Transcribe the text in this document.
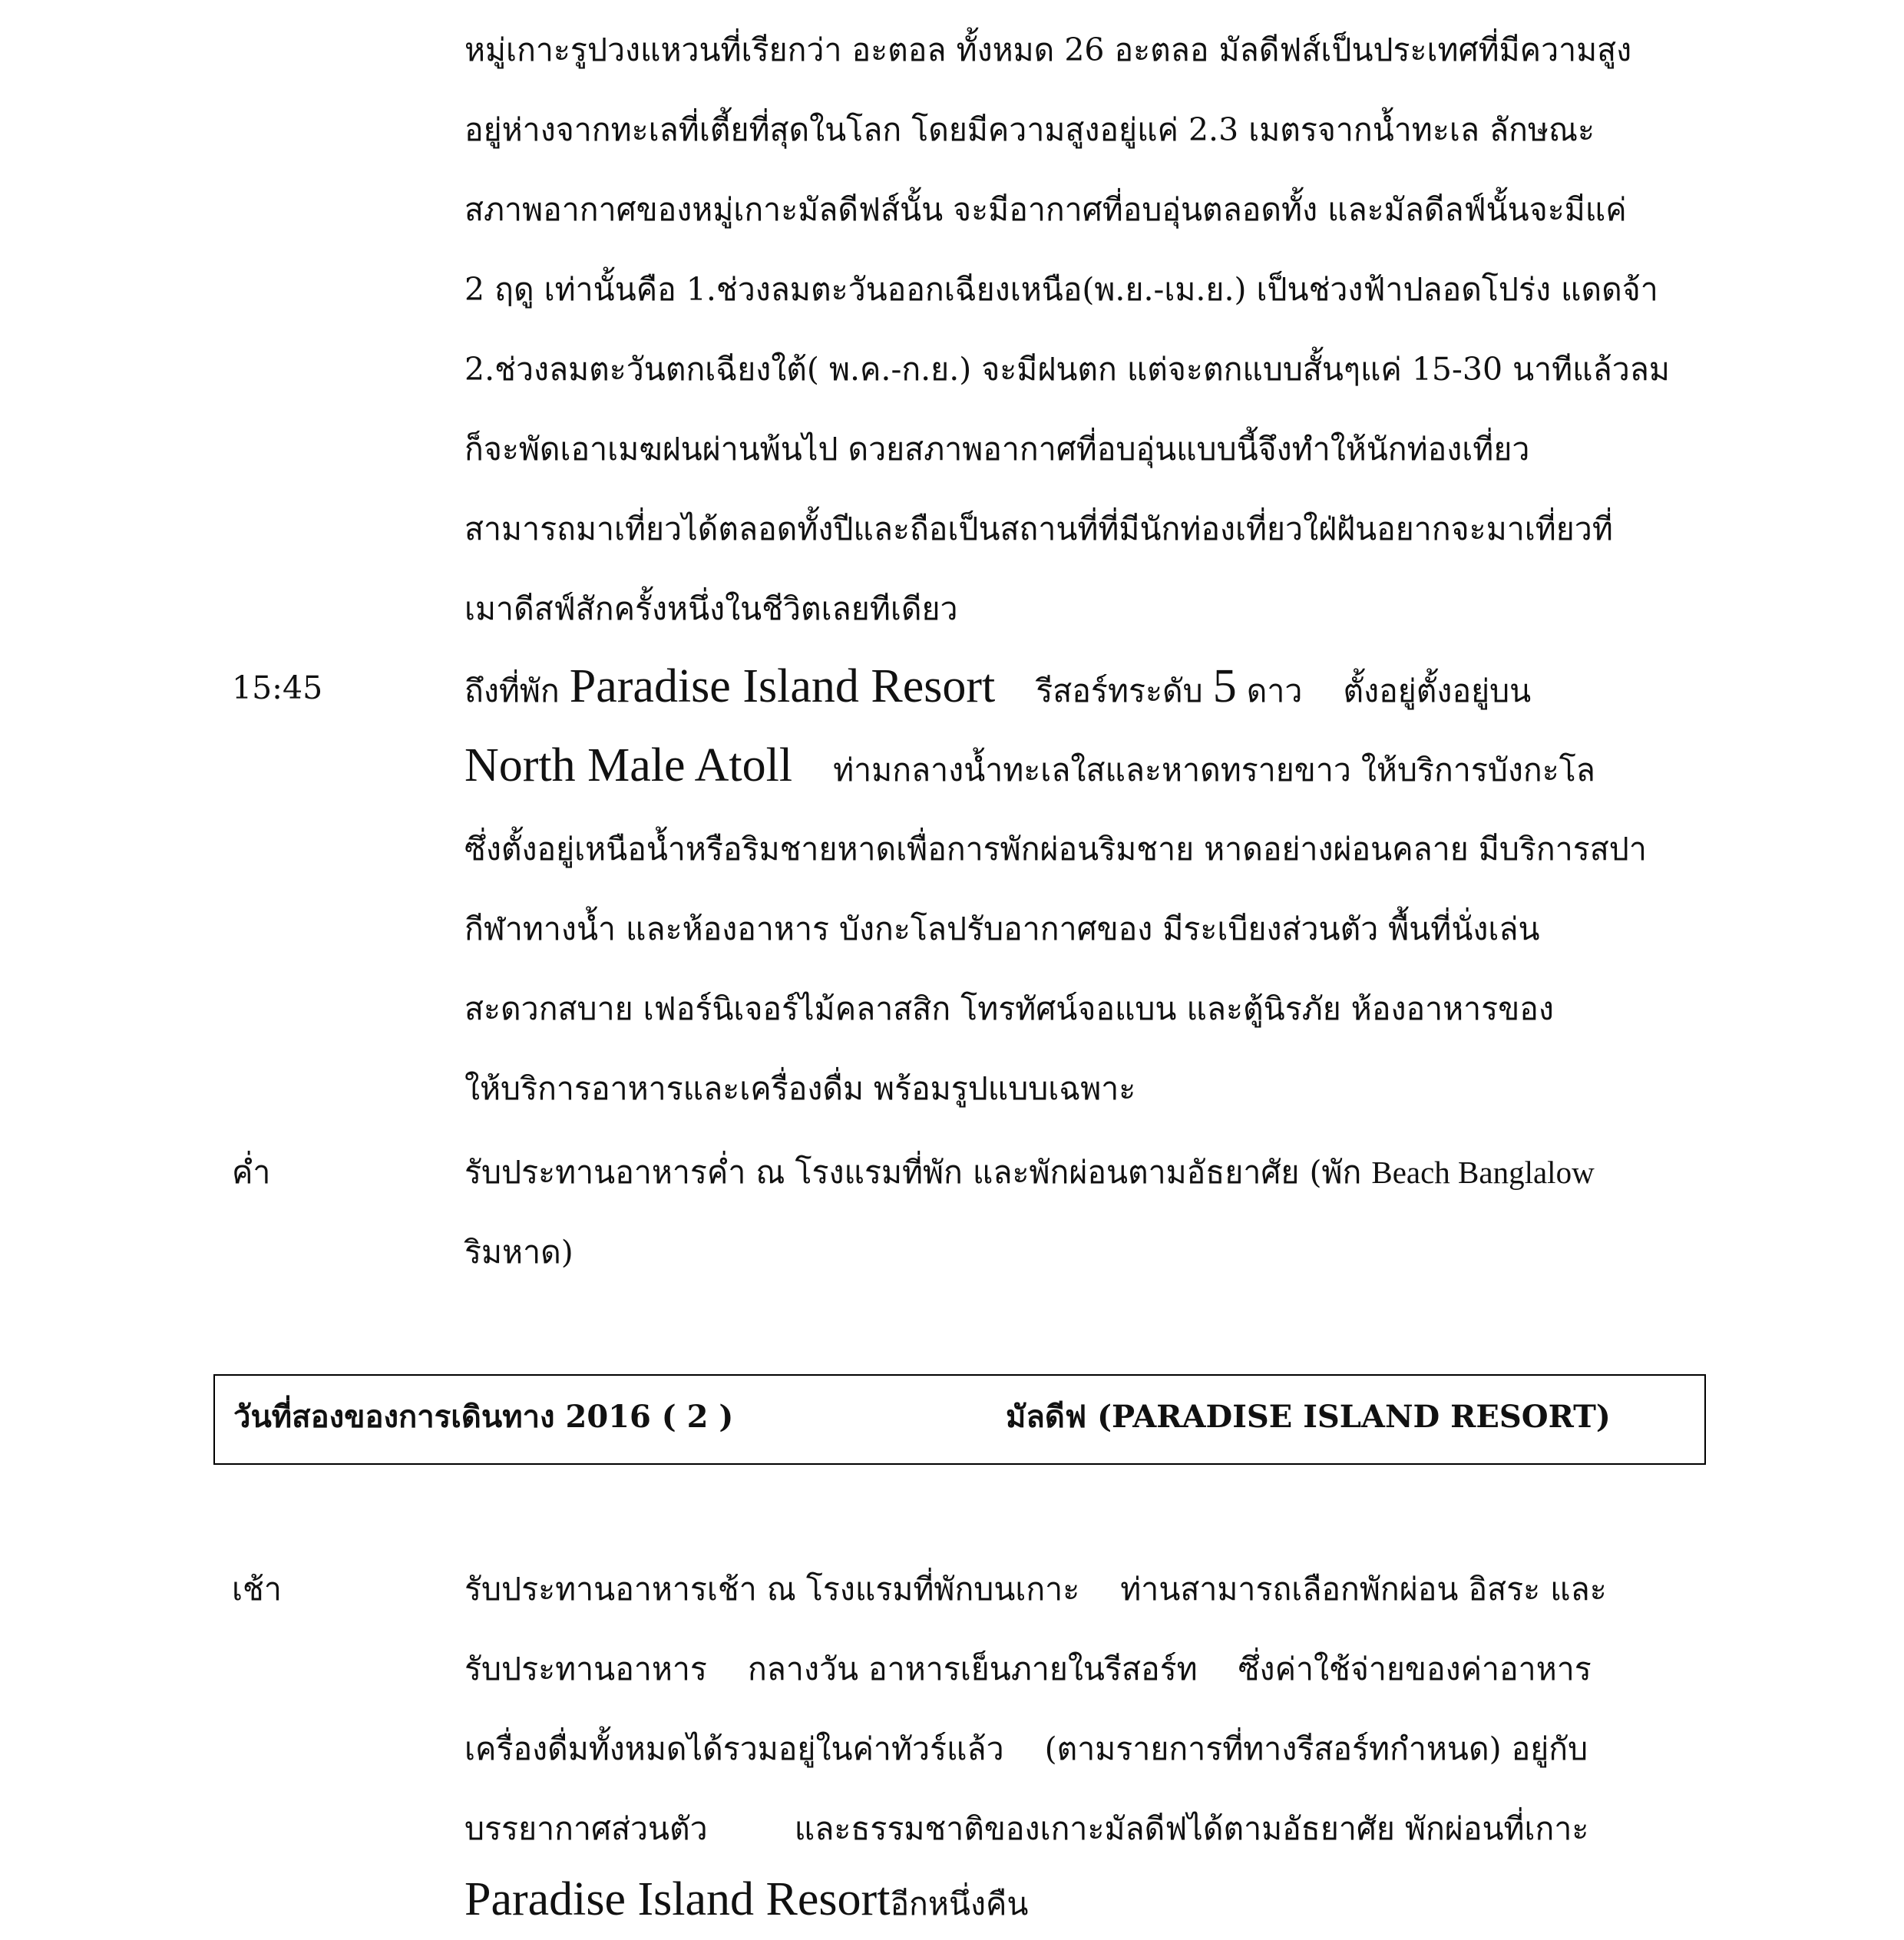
หมู่เกาะรูปวงแหวนที่เรียกว่า อะตอล ทั้งหมด 26 อะตลอ มัลดีฟส์เป็นประเทศที่มีความสูง
อยู่ห่างจากทะเลที่เตี้ยที่สุดในโลก โดยมีความสูงอยู่แค่ 2.3 เมตรจากน้ำทะเล ลักษณะ
สภาพอากาศของหมู่เกาะมัลดีฟส์นั้น จะมีอากาศที่อบอุ่นตลอดทั้ง และมัลดีลฟ์นั้นจะมีแค่
2 ฤดู เท่านั้นคือ 1.ช่วงลมตะวันออกเฉียงเหนือ(พ.ย.-เม.ย.) เป็นช่วงฟ้าปลอดโปร่ง แดดจ้า
2.ช่วงลมตะวันตกเฉียงใต้( พ.ค.-ก.ย.) จะมีฝนตก แต่จะตกแบบสั้นๆแค่ 15-30 นาทีแล้วลม
ก็จะพัดเอาเมฆฝนผ่านพ้นไป ดวยสภาพอากาศที่อบอุ่นแบบนี้จึงทำให้นักท่องเที่ยว
สามารถมาเที่ยวได้ตลอดทั้งปีและถือเป็นสถานที่ที่มีนักท่องเที่ยวใฝ่ฝันอยากจะมาเที่ยวที่
เมาดีสฟ์สักครั้งหนึ่งในชีวิตเลยทีเดียว
15:45	ถึงที่พัก Paradise Island Resort รีสอร์ทระดับ 5 ดาว ตั้งอยู่ตั้งอยู่บน
North Male Atoll ท่ามกลางน้ำทะเลใสและหาดทรายขาว ให้บริการบังกะโล
ซึ่งตั้งอยู่เหนือน้ำหรือริมชายหาดเพื่อการพักผ่อนริมชาย หาดอย่างผ่อนคลาย มีบริการสปา
กีฬาทางน้ำ และห้องอาหาร บังกะโลปรับอากาศของ มีระเบียงส่วนตัว พื้นที่นั่งเล่น
สะดวกสบาย เฟอร์นิเจอร์ไม้คลาสสิก โทรทัศน์จอแบน และตู้นิรภัย ห้องอาหารของ
ให้บริการอาหารและเครื่องดื่ม พร้อมรูปแบบเฉพาะ
ค่ำ	รับประทานอาหารค่ำ ณ โรงแรมที่พัก และพักผ่อนตามอัธยาศัย (พัก Beach Banglalow
ริมหาด)
วันที่สองของการเดินทาง 2016 ( 2 )	มัลดีฟ (PARADISE ISLAND RESORT)
เช้า	รับประทานอาหารเช้า ณ โรงแรมที่พักบนเกาะ ท่านสามารถเลือกพักผ่อน อิสระ และ
รับประทานอาหาร กลางวัน อาหารเย็นภายในรีสอร์ท ซึ่งค่าใช้จ่ายของค่าอาหาร
เครื่องดื่มทั้งหมดได้รวมอยู่ในค่าทัวร์แล้ว (ตามรายการที่ทางรีสอร์ทกำหนด) อยู่กับ
บรรยากาศส่วนตัว	และธรรมชาติของเกาะมัลดีฟได้ตามอัธยาศัย พักผ่อนที่เกาะ
Paradise Island Resortอีกหนึ่งคืน
